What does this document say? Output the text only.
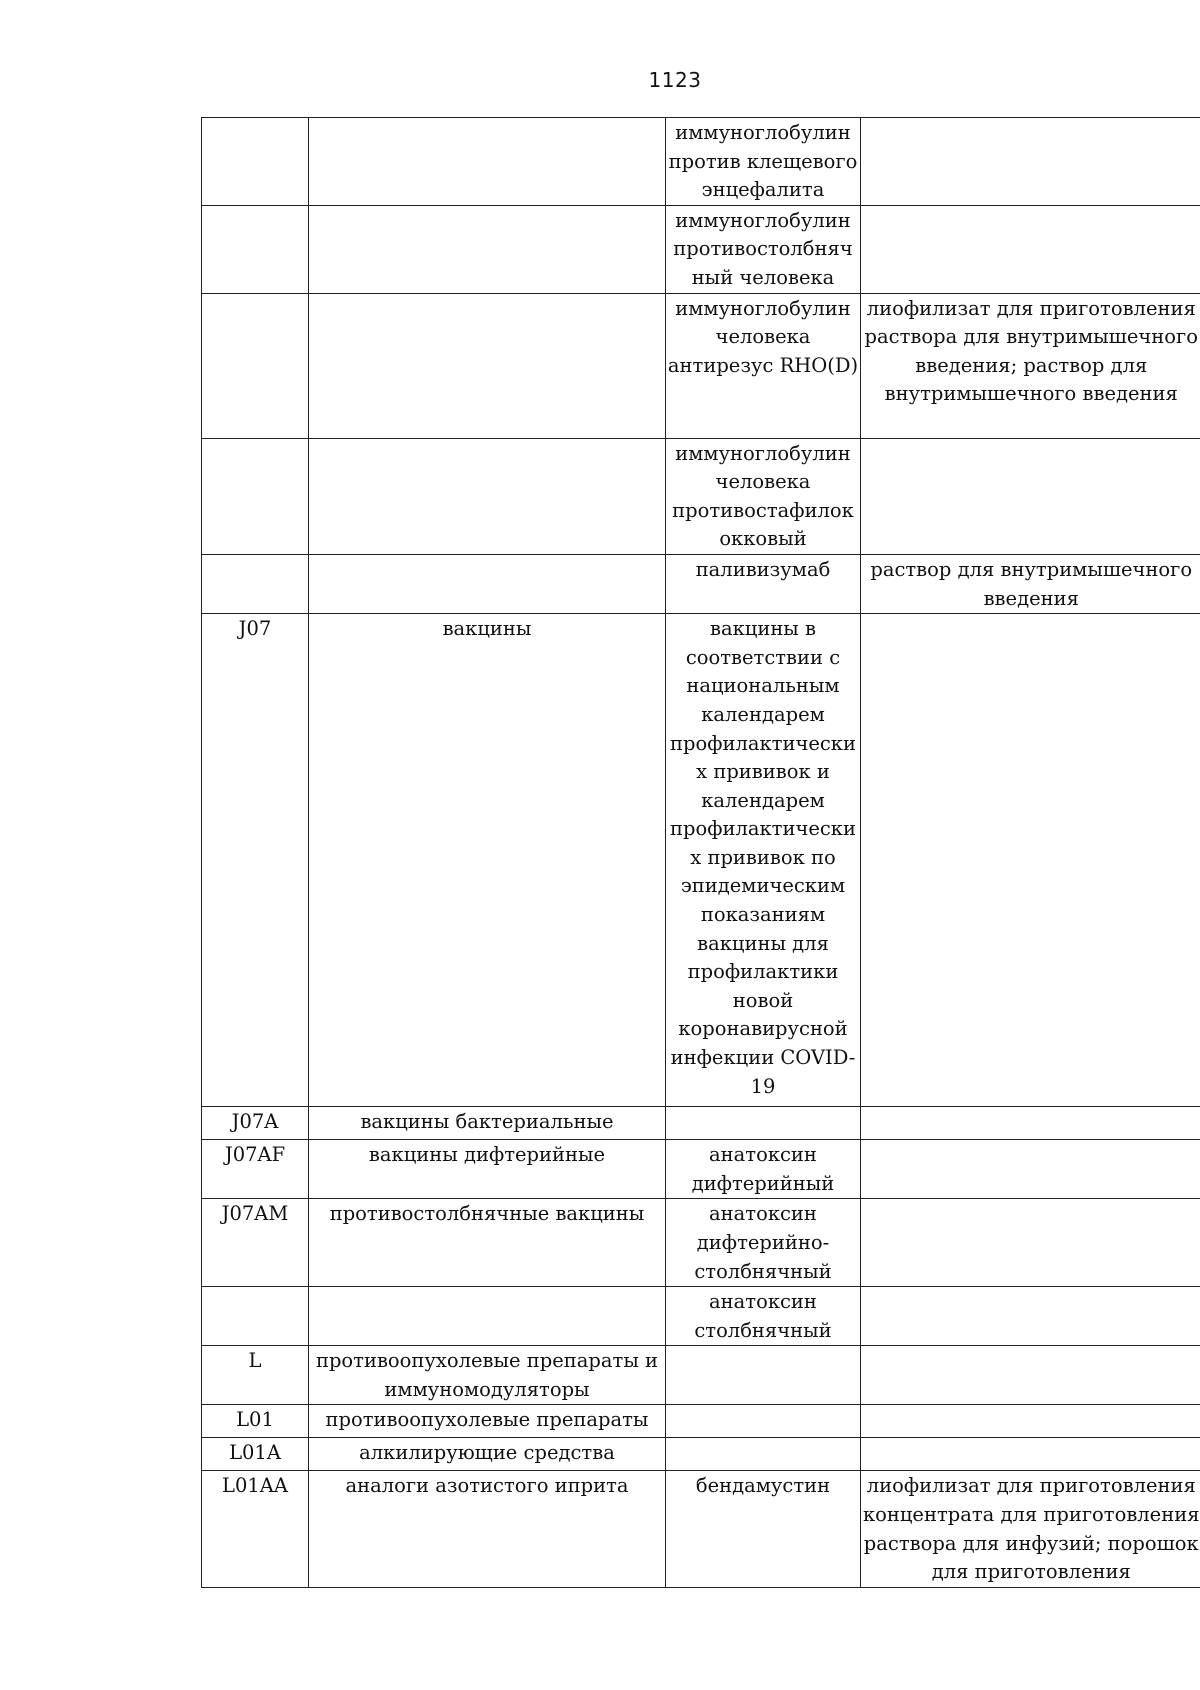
1123
		иммуноглобулин против клещевого энцефалита	
		иммуноглобулин противостолбнячный человека	
		иммуноглобулин человека антирезус RHO(D)	лиофилизат для приготовления раствора для внутримышечного введения; раствор для внутримышечного введения
		иммуноглобулин человека противостафилококковый	
		паливизумаб	раствор для внутримышечного введения
J07	вакцины	вакцины в соответствии с национальным календарем профилактических прививок и календарем профилактических прививок по эпидемическим показаниям вакцины для профилактики новой коронавирусной инфекции COVID-19	
J07A	вакцины бактериальные		
J07AF	вакцины дифтерийные	анатоксин дифтерийный	
J07AM	противостолбнячные вакцины	анатоксин дифтерийно-столбнячный	
		анатоксин столбнячный	
L	противоопухолевые препараты и иммуномодуляторы		
L01	противоопухолевые препараты		
L01A	алкилирующие средства		
L01AA	аналоги азотистого иприта	бендамустин	лиофилизат для приготовления концентрата для приготовления раствора для инфузий; порошок для приготовления
